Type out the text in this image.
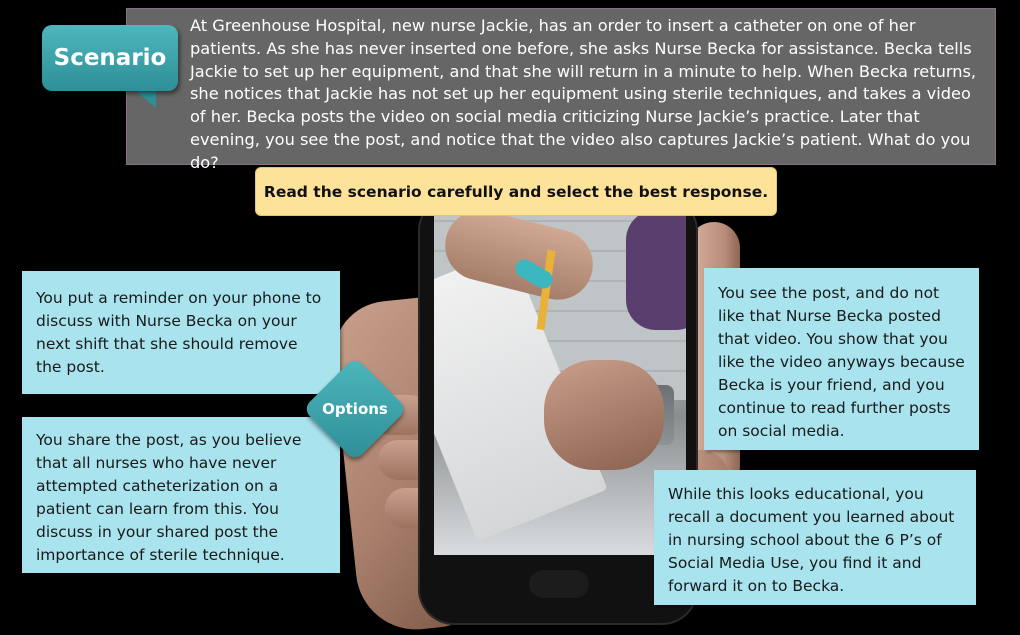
At Greenhouse Hospital, new nurse Jackie, has an order to insert a catheter on one of her patients. As she has never inserted one before, she asks Nurse Becka for assistance. Becka tells Jackie to set up her equipment, and that she will return in a minute to help. When Becka returns, she notices that Jackie has not set up her equipment using sterile techniques, and takes a video of her. Becka posts the video on social media criticizing Nurse Jackie’s practice. Later that evening, you see the post, and notice that the video also captures Jackie’s patient. What do you do?

Scenario
Read the scenario carefully and select the best response.

You put a reminder on your phone to discuss with Nurse Becka on your next shift that she should remove the post.

You share the post, as you believe that all nurses who have never attempted catheterization on a patient can learn from this. You discuss in your shared post the importance of sterile technique.

You see the post, and do not like that Nurse Becka posted that video. You show that you like the video anyways because Becka is your friend, and you continue to read further posts on social media.

While this looks educational, you recall a document you learned about in nursing school about the 6 P’s of Social Media Use, you find it and forward it on to Becka.

Options
